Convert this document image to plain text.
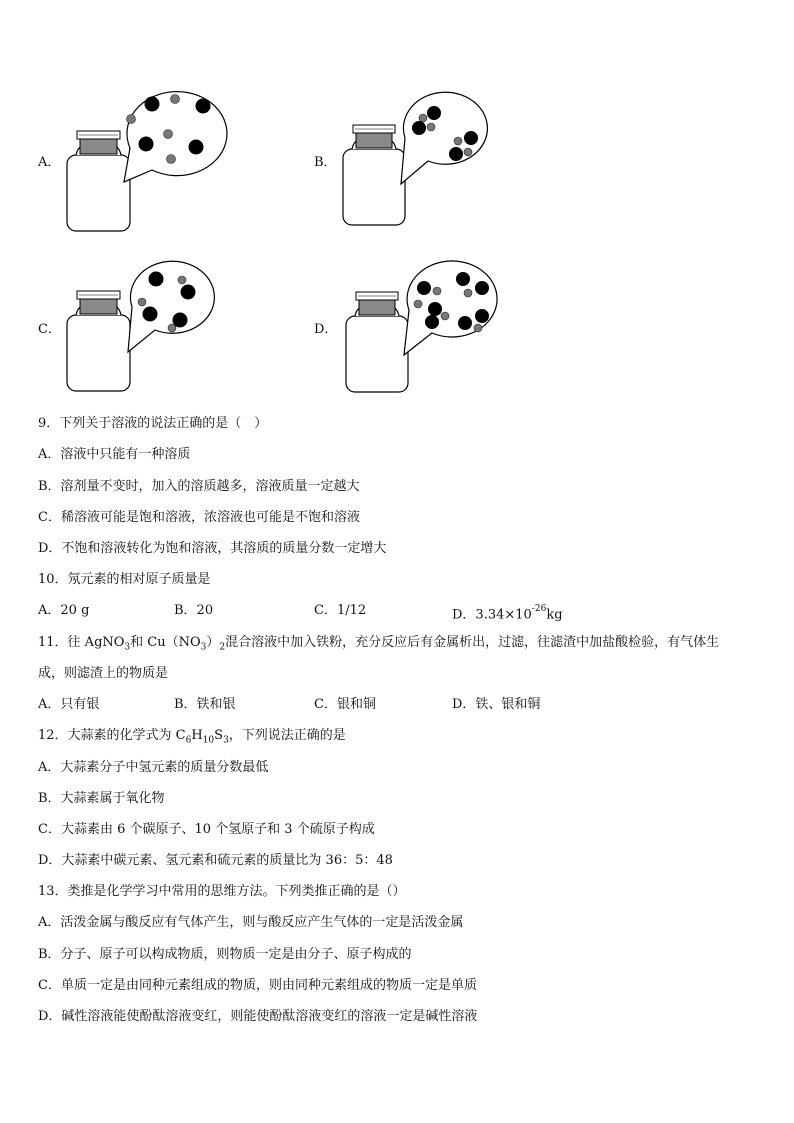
A．	B．
C．	D．
9．下列关于溶液的说法正确的是（　）
A．溶液中只能有一种溶质
B．溶剂量不变时，加入的溶质越多，溶液质量一定越大
C．稀溶液可能是饱和溶液，浓溶液也可能是不饱和溶液
D．不饱和溶液转化为饱和溶液，其溶质的质量分数一定增大
10．氖元素的相对原子质量是
A．20 g	B．20	C．1/12	D．$3.34\times 10^{-26}kg$
11．往 AgNO$_3$和 $Cu(NO_3)_2$混合溶液中加入铁粉，充分反应后有金属析出，过滤，往滤渣中加盐酸检验，有气体生
成，则滤渣上的物质是
A．只有银	B．铁和银	C．银和铜	D．铁、银和铜
12．大蒜素的化学式为 $C_6H_{10}S_3$，下列说法正确的是
A．大蒜素分子中氢元素的质量分数最低
B．大蒜素属于氧化物
C．大蒜素由 6 个碳原子、10 个氢原子和 3 个硫原子构成
D．大蒜素中碳元素、氢元素和硫元素的质量比为 36：5：48
13．类推是化学学习中常用的思维方法。下列类推正确的是（）
A．活泼金属与酸反应有气体产生，则与酸反应产生气体的一定是活泼金属
B．分子、原子可以构成物质，则物质一定是由分子、原子构成的
C．单质一定是由同种元素组成的物质，则由同种元素组成的物质一定是单质
D．碱性溶液能使酚酞溶液变红，则能使酚酞溶液变红的溶液一定是碱性溶液
